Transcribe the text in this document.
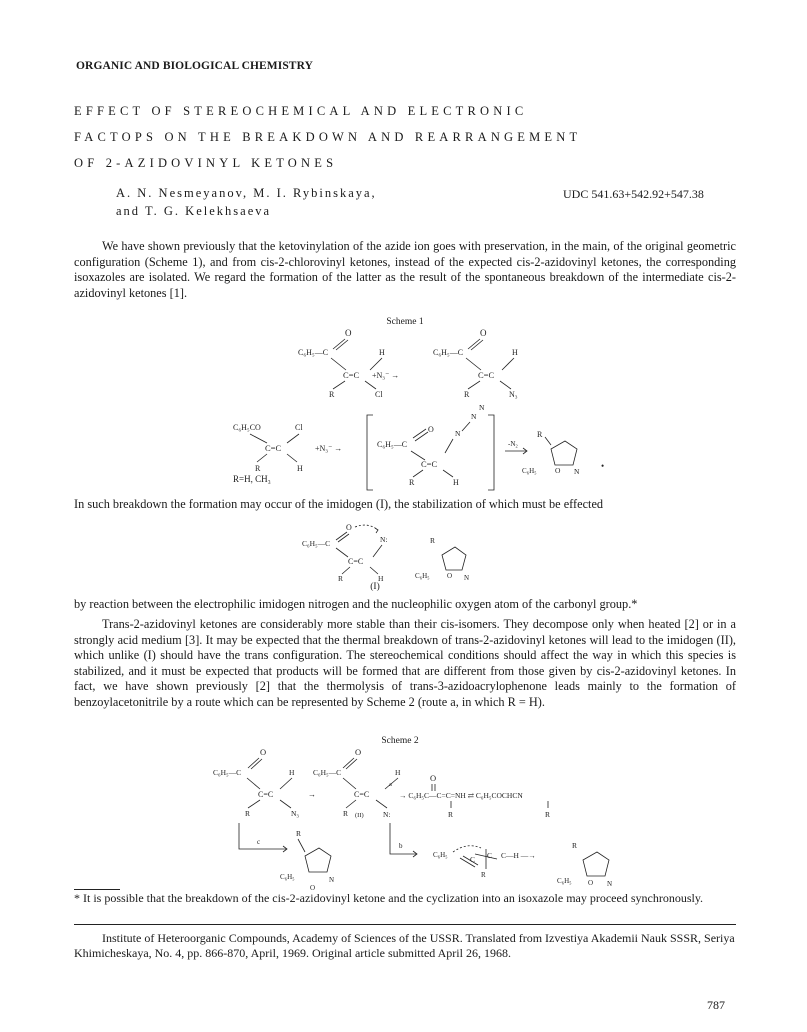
ORGANIC AND BIOLOGICAL CHEMISTRY
EFFECT OF STEREOCHEMICAL AND ELECTRONIC
FACTOPS ON THE BREAKDOWN AND REARRANGEMENT
OF 2-AZIDOVINYL KETONES
A. N. Nesmeyanov, M. I. Rybinskaya,
and T. G. Kelekhsaeva
UDC 541.63+542.92+547.38
We have shown previously that the ketovinylation of the azide ion goes with preservation, in the main, of the original geometric configuration (Scheme 1), and from cis-2-chlorovinyl ketones, instead of the expected cis-2-azidovinyl ketones, the corresponding isoxazoles are isolated. We regard the formation of the latter as the result of the spontaneous breakdown of the intermediate cis-2-azidovinyl ketones [1].
Scheme 1
O
C₆H₅—C	H
C=C +N₃⁻ →
R	Cl
O
C₆H₅—C	H
C=C
R	N₃
C₆H₅CO	Cl
C=C	+N₃⁻ →
R	H
C₆H₅—C
O	N
N
N
C=C
R	H
-N₂
R
N
O
C₆H₅	•
R=H, CH₃
In such breakdown the formation may occur of the imidogen (I), the stabilization of which must be effected
O
C₆H₅—C	N:
C=C
R	H
R
N
O
C₆H₅
(I)
by reaction between the electrophilic imidogen nitrogen and the nucleophilic oxygen atom of the carbonyl group.*
Trans-2-azidovinyl ketones are considerably more stable than their cis-isomers. They decompose only when heated [2] or in a strongly acid medium [3]. It may be expected that the thermal breakdown of trans-2-azidovinyl ketones will lead to the imidogen (II), which unlike (I) should have the trans configuration. The stereochemical conditions should affect the way in which this species is stabilized, and it must be expected that products will be formed that are different from those given by cis-2-azidovinyl ketones. In fact, we have shown previously [2] that the thermolysis of trans-3-azidoacrylophenone leads mainly to the formation of benzoylacetonitrile by a route which can be represented by Scheme 2 (route a, in which R = H).
Scheme 2
O
C₆H₅—C	H
C=C	→
R	N₃
O
C₆H₅—C	H
C=C
R (II)	N:
a
O
→ C₆H₅C—C=C=NH ⇄ C₆H₅COCHCN
R	R
c
R
N
O
C₆H₅
b
C₆H₅	C C C—H —→
R
R
N
O
C₆H₅
* It is possible that the breakdown of the cis-2-azidovinyl ketone and the cyclization into an isoxazole may proceed synchronously.
Institute of Heteroorganic Compounds, Academy of Sciences of the USSR. Translated from Izvestiya Akademii Nauk SSSR, Seriya Khimicheskaya, No. 4, pp. 866-870, April, 1969. Original article submitted April 26, 1968.
787
